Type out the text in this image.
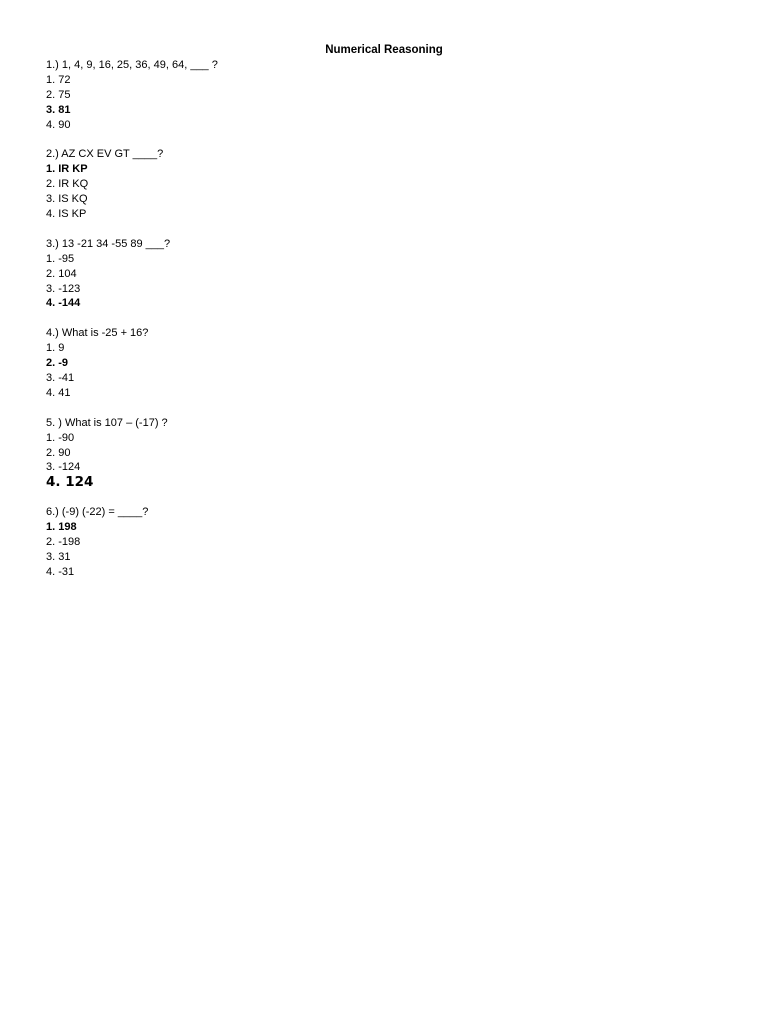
Numerical Reasoning
1.) 1, 4, 9, 16, 25, 36, 49, 64, ___ ?
1. 72
2. 75
3. 81
4. 90
2.) AZ CX EV GT ____?
1. IR KP
2. IR KQ
3. IS KQ
4. IS KP
3.) 13 -21 34 -55 89 ___?
1. -95
2. 104
3. -123
4. -144
4.) What is -25 + 16?
1. 9
2. -9
3. -41
4. 41
5. ) What is 107 – (-17) ?
1. -90
2. 90
3. -124
4. 124
6.) (-9) (-22) = ____?
1. 198
2. -198
3. 31
4. -31
